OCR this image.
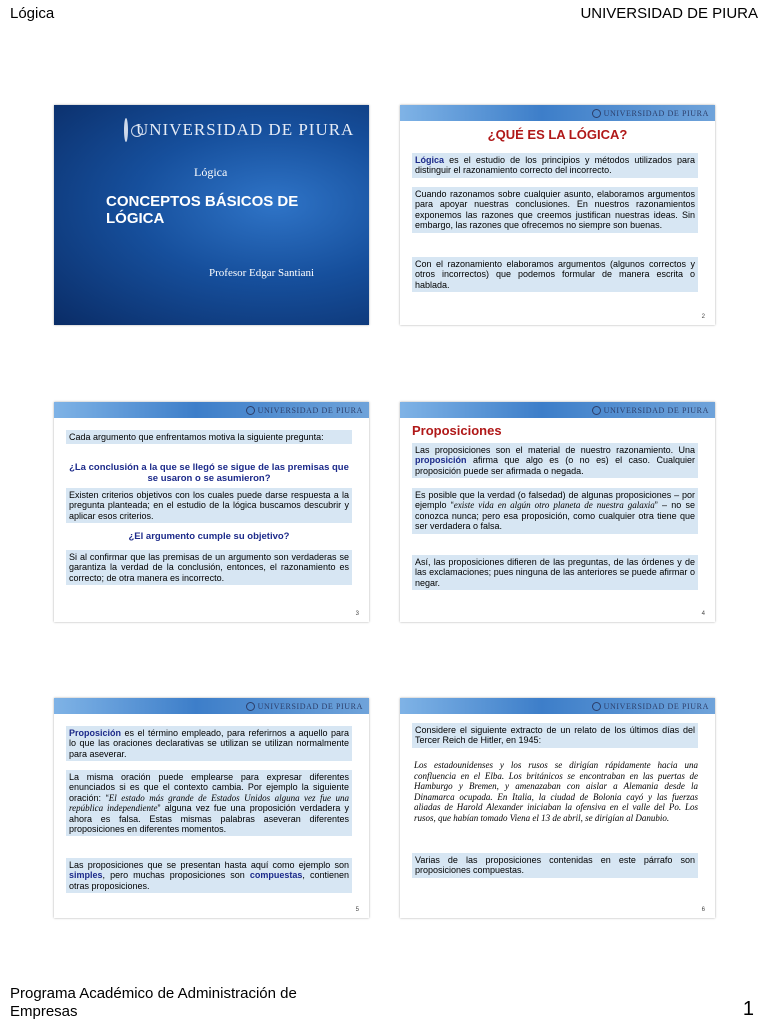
Lógica	UNIVERSIDAD DE PIURA
UNIVERSIDAD DE PIURA
Lógica
CONCEPTOS BÁSICOS DE LÓGICA
Profesor Edgar Santiani
UNIVERSIDAD DE PIURA
¿QUÉ ES LA LÓGICA?
Lógica es el estudio de los principios y métodos utilizados para distinguir el razonamiento correcto del incorrecto.
Cuando razonamos sobre cualquier asunto, elaboramos argumentos para apoyar nuestras conclusiones. En nuestros razonamientos exponemos las razones que creemos justifican nuestras ideas. Sin embargo, las razones que ofrecemos no siempre son buenas.
Con el razonamiento elaboramos argumentos (algunos correctos y otros incorrectos) que podemos formular de manera escrita o hablada.
2
UNIVERSIDAD DE PIURA
Cada argumento que enfrentamos motiva la siguiente pregunta:
¿La conclusión a la que se llegó se sigue de las premisas que se usaron o se asumieron?
Existen criterios objetivos con los cuales puede darse respuesta a la pregunta planteada; en el estudio de la lógica buscamos descubrir y aplicar esos criterios.
¿El argumento cumple su objetivo?
Si al confirmar que las premisas de un argumento son verdaderas se garantiza la verdad de la conclusión, entonces, el razonamiento es correcto; de otra manera es incorrecto.
3
UNIVERSIDAD DE PIURA
Proposiciones
Las proposiciones son el material de nuestro razonamiento. Una proposición afirma que algo es (o no es) el caso. Cualquier proposición puede ser afirmada o negada.
Es posible que la verdad (o falsedad) de algunas proposiciones – por ejemplo “existe vida en algún otro planeta de nuestra galaxia” – no se conozca nunca; pero esa proposición, como cualquier otra tiene que ser verdadera o falsa.
Así, las proposiciones difieren de las preguntas, de las órdenes y de las exclamaciones; pues ninguna de las anteriores se puede afirmar o negar.
4
UNIVERSIDAD DE PIURA
Proposición es el término empleado, para referirnos a aquello para lo que las oraciones declarativas se utilizan se utilizan normalmente para aseverar.
La misma oración puede emplearse para expresar diferentes enunciados si es que el contexto cambia. Por ejemplo la siguiente oración: “El estado más grande de Estados Unidos alguna vez fue una república independiente” alguna vez fue una proposición verdadera y ahora es falsa. Estas mismas palabras aseveran diferentes proposiciones en diferentes momentos.
Las proposiciones que se presentan hasta aquí como ejemplo son simples, pero muchas proposiciones son compuestas, contienen otras proposiciones.
5
UNIVERSIDAD DE PIURA
Considere el siguiente extracto de un relato de los últimos días del Tercer Reich de Hitler, en 1945:
Los estadounidenses y los rusos se dirigían rápidamente hacia una confluencia en el Elba. Los británicos se encontraban en las puertas de Hamburgo y Bremen, y amenazaban con aislar a Alemania desde la Dinamarca ocupada. En Italia, la ciudad de Bolonia cayó y las fuerzas aliadas de Harold Alexander iniciaban la ofensiva en el valle del Po. Los rusos, que habían tomado Viena el 13 de abril, se dirigían al Danubio.
Varias de las proposiciones contenidas en este párrafo son proposiciones compuestas.
6
Programa Académico de Administración de Empresas	1
